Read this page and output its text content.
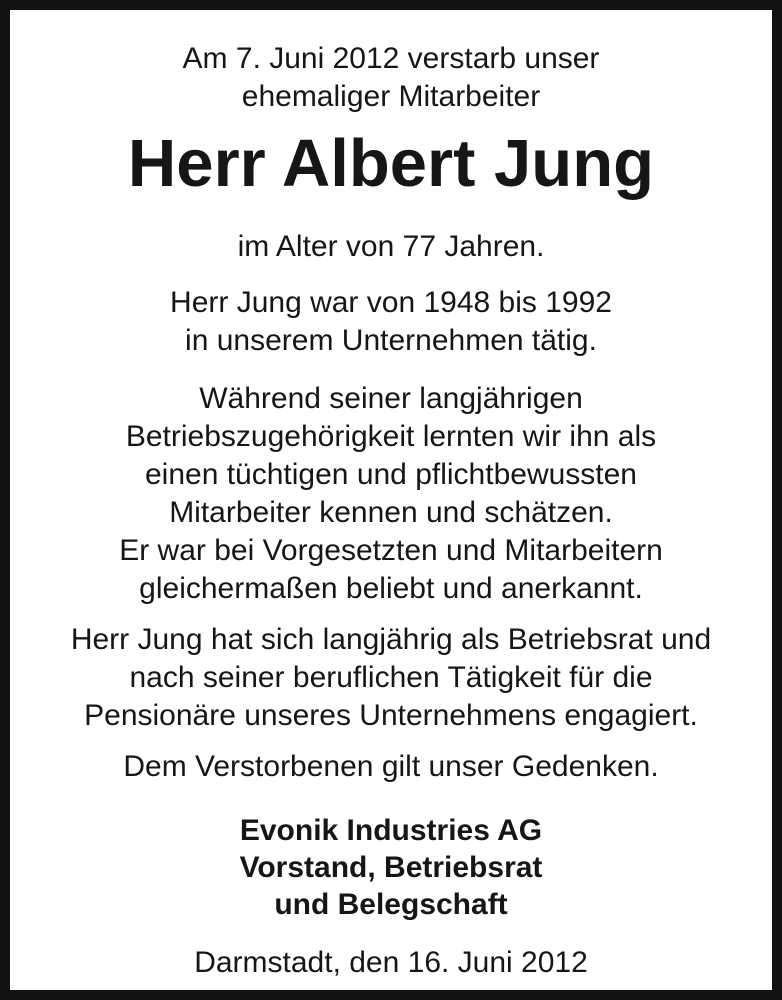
Am 7. Juni 2012 verstarb unser
ehemaliger Mitarbeiter
Herr Albert Jung
im Alter von 77 Jahren.
Herr Jung war von 1948 bis 1992
in unserem Unternehmen tätig.
Während seiner langjährigen
Betriebszugehörigkeit lernten wir ihn als
einen tüchtigen und pflichtbewussten
Mitarbeiter kennen und schätzen.
Er war bei Vorgesetzten und Mitarbeitern
gleichermaßen beliebt und anerkannt.
Herr Jung hat sich langjährig als Betriebsrat und
nach seiner beruflichen Tätigkeit für die
Pensionäre unseres Unternehmens engagiert.
Dem Verstorbenen gilt unser Gedenken.
Evonik Industries AG
Vorstand, Betriebsrat
und Belegschaft
Darmstadt, den 16. Juni 2012
